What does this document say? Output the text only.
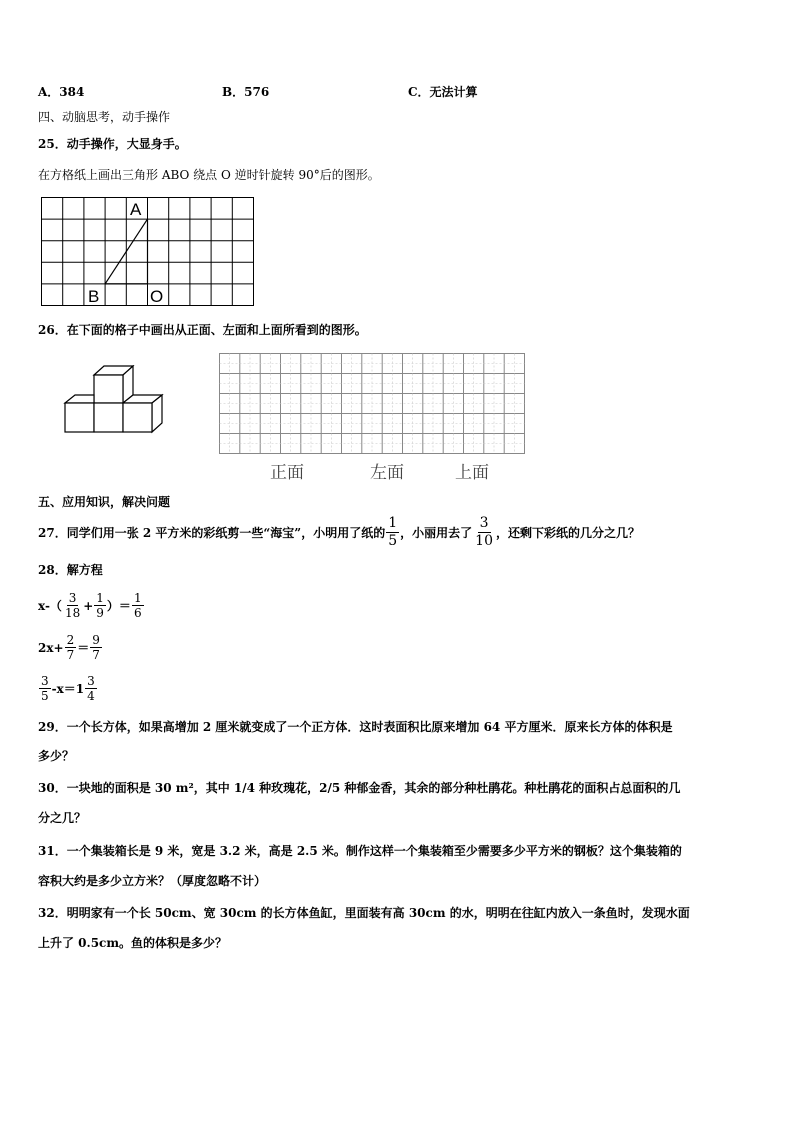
A．384	B．576	C．无法计算
四、动脑思考，动手操作
25．动手操作，大显身手。
在方格纸上画出三角形 ABO 绕点 O 逆时针旋转 90°后的图形。
A
B	O
26．在下面的格子中画出从正面、左面和上面所看到的图形。
正面	左面	上面
五、应用知识，解决问题
27．同学们用一张 2 平方米的彩纸剪一些“海宝”，小明用了纸的 $\frac{1}{5}$ ，小丽用去了 $\frac{3}{10}$ ，还剩下彩纸的几分之几？
28．解方程
$x-( \frac{3}{18} + \frac{1}{9}$ ）＝ $\frac{1}{6}$
$2x+ \frac{2}{7} = \frac{9}{7}$
$\frac{3}{5} -x=1 \frac{3}{4}$
29．一个长方体，如果高增加 2 厘米就变成了一个正方体．这时表面积比原来增加 64 平方厘米．原来长方体的体积是
多少？
30．一块地的面积是 30 m²，其中 1/4 种玫瑰花，2/5 种郁金香，其余的部分种杜鹃花。种杜鹃花的面积占总面积的几
分之几？
31．一个集装箱长是 9 米，宽是 3.2 米，高是 2.5 米。制作这样一个集装箱至少需要多少平方米的钢板？这个集装箱的
容积大约是多少立方米？（厚度忽略不计）
32．明明家有一个长 50cm、宽 30cm 的长方体鱼缸，里面装有高 30cm 的水，明明在往缸内放入一条鱼时，发现水面
上升了 0.5cm。鱼的体积是多少？
